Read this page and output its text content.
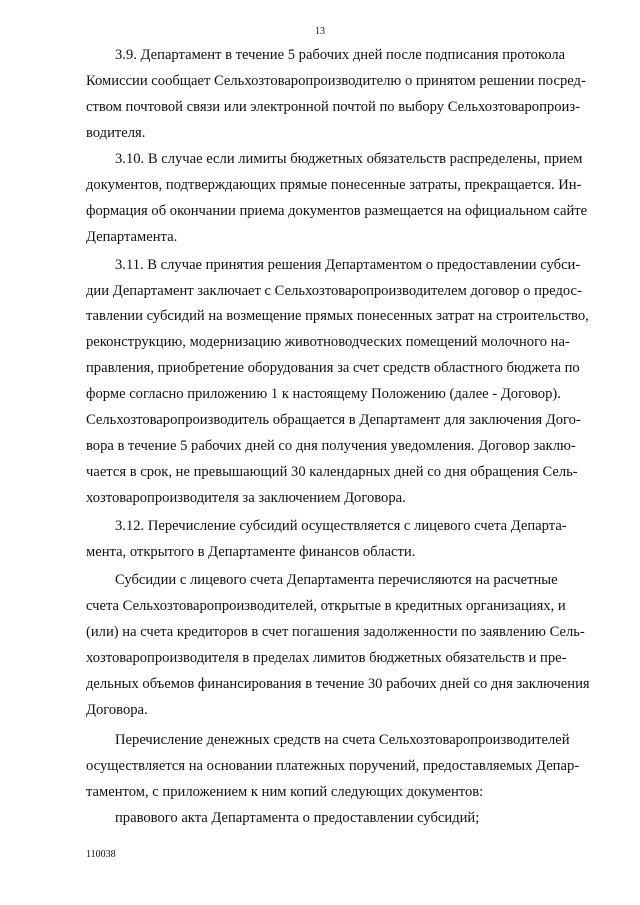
13
3.9. Департамент в течение 5 рабочих дней после подписания протокола
Комиссии сообщает Сельхозтоваропроизводителю о принятом решении посред-
ством почтовой связи или электронной почтой по выбору Сельхозтоваропроиз-
водителя.
3.10. В случае если лимиты бюджетных обязательств распределены, прием
документов, подтверждающих прямые понесенные затраты, прекращается. Ин-
формация об окончании приема документов размещается на официальном сайте
Департамента.
3.11. В случае принятия решения Департаментом о предоставлении субси-
дии Департамент заключает с Сельхозтоваропроизводителем договор о предос-
тавлении субсидий на возмещение прямых понесенных затрат на строительство,
реконструкцию, модернизацию животноводческих помещений молочного на-
правления, приобретение оборудования за счет средств областного бюджета по
форме согласно приложению 1 к настоящему Положению (далее - Договор).
Сельхозтоваропроизводитель обращается в Департамент для заключения Дого-
вора в течение 5 рабочих дней со дня получения уведомления. Договор заклю-
чается в срок, не превышающий 30 календарных дней со дня обращения Сель-
хозтоваропроизводителя за заключением Договора.
3.12. Перечисление субсидий осуществляется с лицевого счета Департа-
мента, открытого в Департаменте финансов области.
Субсидии с лицевого счета Департамента перечисляются на расчетные
счета Сельхозтоваропроизводителей, открытые в кредитных организациях, и
(или) на счета кредиторов в счет погашения задолженности по заявлению Сель-
хозтоваропроизводителя в пределах лимитов бюджетных обязательств и пре-
дельных объемов финансирования в течение 30 рабочих дней со дня заключения
Договора.
Перечисление денежных средств на счета Сельхозтоваропроизводителей
осуществляется на основании платежных поручений, предоставляемых Депар-
таментом, с приложением к ним копий следующих документов:
правового акта Департамента о предоставлении субсидий;
110038
